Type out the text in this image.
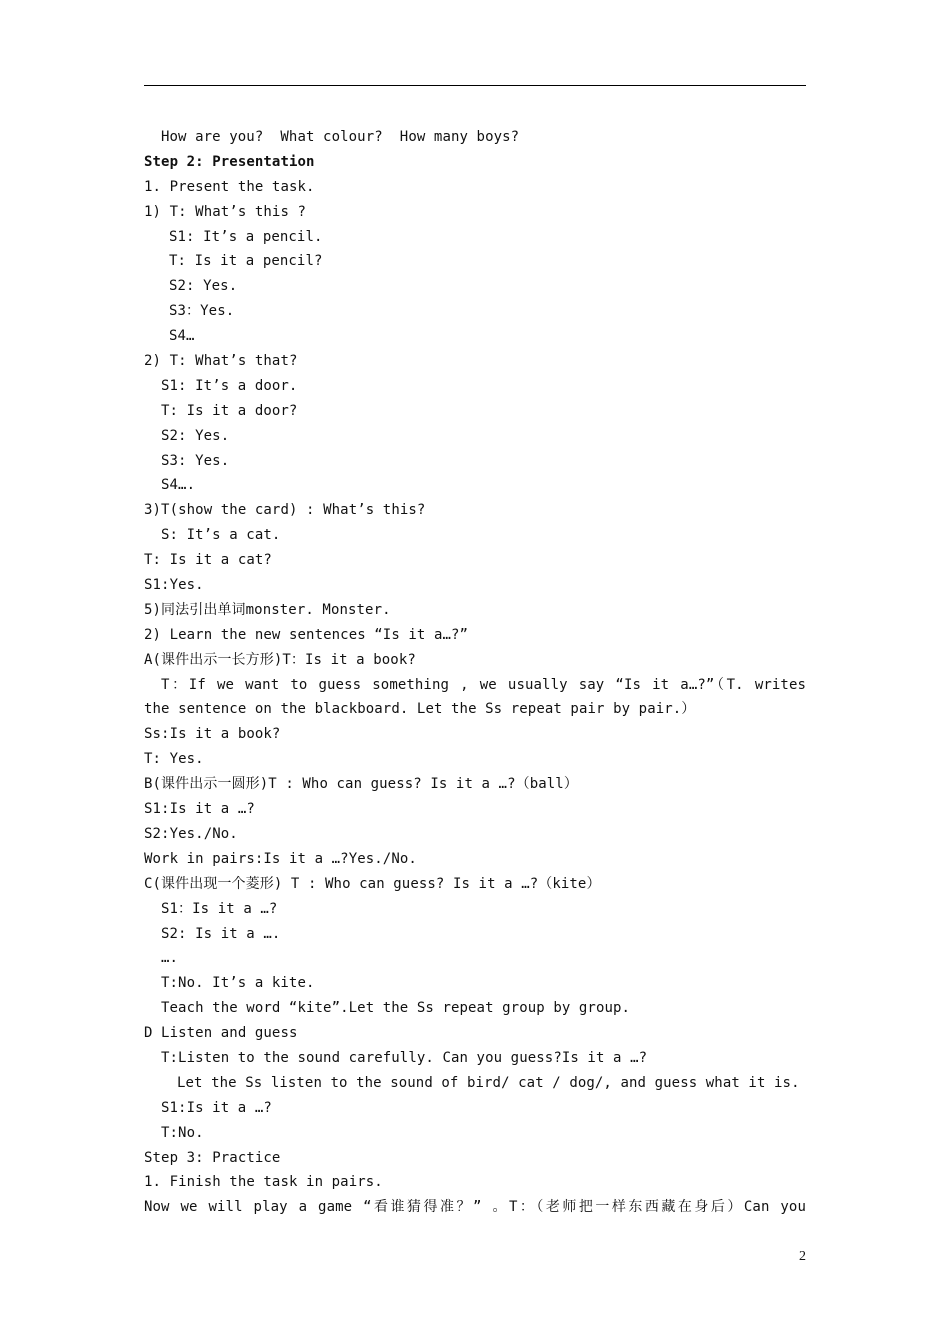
How are you?  What colour?  How many boys?
Step 2: Presentation
1. Present the task.
1) T: What’s this ?
S1: It’s a pencil.
T: Is it a pencil?
S2: Yes.
S3：Yes.
S4…
2) T: What’s that?
S1: It’s a door.
T: Is it a door?
S2: Yes.
S3: Yes.
S4….
3)T(show the card) : What’s this?
S: It’s a cat.
T: Is it a cat?
S1:Yes.
5)同法引出单词monster. Monster.
2) Learn the new sentences “Is it a…?”
A(课件出示一长方形)T：Is it a book?
T：If we want to guess something , we usually say “Is it a…?”（T. writes
the sentence on the blackboard. Let the Ss repeat pair by pair.）
Ss:Is it a book?
T: Yes.
B(课件出示一圆形)T : Who can guess? Is it a …?（ball）
S1:Is it a …?
S2:Yes./No.
Work in pairs:Is it a …?Yes./No.
C(课件出现一个菱形) T : Who can guess? Is it a …?（kite）
S1：Is it a …?
S2: Is it a ….
….
T:No. It’s a kite.
Teach the word “kite”.Let the Ss repeat group by group.
D Listen and guess
T:Listen to the sound carefully. Can you guess?Is it a …?
Let the Ss listen to the sound of bird/ cat / dog/, and guess what it is.
S1:Is it a …?
T:No.
Step 3: Practice
1. Finish the task in pairs.
Now we will play a game “看谁猜得准？” 。T：（老师把一样东西藏在身后）Can you
2
